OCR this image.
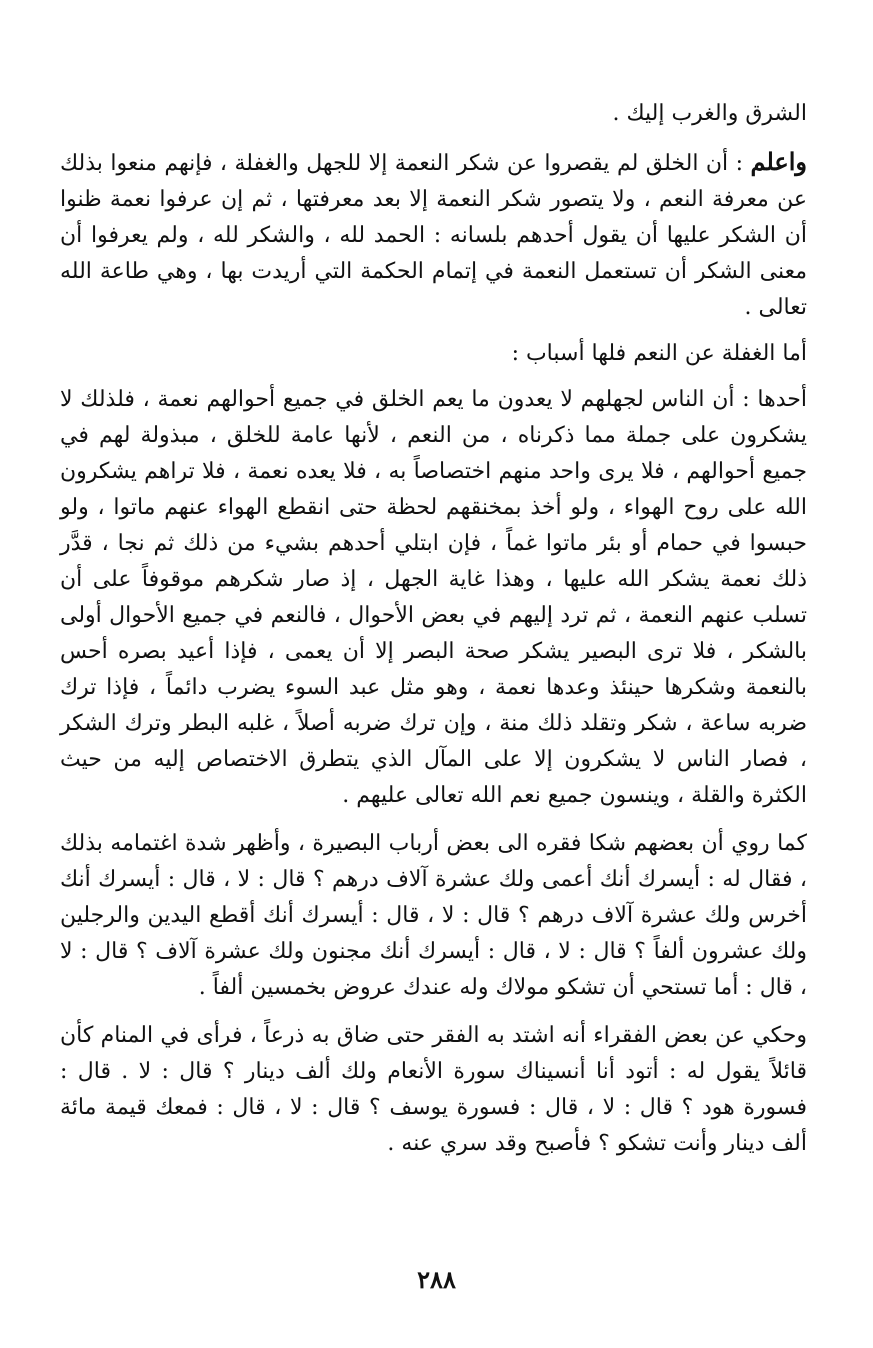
الشرق والغرب إليك .

واعلم : أن الخلق لم يقصروا عن شكر النعمة إلا للجهل والغفلة ، فإنهم منعوا بذلك عن معرفة النعم ، ولا يتصور شكر النعمة إلا بعد معرفتها ، ثم إن عرفوا نعمة ظنوا أن الشكر عليها أن يقول أحدهم بلسانه : الحمد لله ، والشكر لله ، ولم يعرفوا أن معنى الشكر أن تستعمل النعمة في إتمام الحكمة التي أريدت بها ، وهي طاعة الله تعالى .

أما الغفلة عن النعم فلها أسباب :

أحدها : أن الناس لجهلهم لا يعدون ما يعم الخلق في جميع أحوالهم نعمة ، فلذلك لا يشكرون على جملة مما ذكرناه ، من النعم ، لأنها عامة للخلق ، مبذولة لهم في جميع أحوالهم ، فلا يرى واحد منهم اختصاصاً به ، فلا يعده نعمة ، فلا تراهم يشكرون الله على روح الهواء ، ولو أخذ بمخنقهم لحظة حتى انقطع الهواء عنهم ماتوا ، ولو حبسوا في حمام أو بئر ماتوا غماً ، فإن ابتلي أحدهم بشيء من ذلك ثم نجا ، قدَّر ذلك نعمة يشكر الله عليها ، وهذا غاية الجهل ، إذ صار شكرهم موقوفاً على أن تسلب عنهم النعمة ، ثم ترد إليهم في بعض الأحوال ، فالنعم في جميع الأحوال أولى بالشكر ، فلا ترى البصير يشكر صحة البصر إلا أن يعمى ، فإذا أعيد بصره أحس بالنعمة وشكرها حينئذ وعدها نعمة ، وهو مثل عبد السوء يضرب دائماً ، فإذا ترك ضربه ساعة ، شكر وتقلد ذلك منة ، وإن ترك ضربه أصلاً ، غلبه البطر وترك الشكر ، فصار الناس لا يشكرون إلا على المآل الذي يتطرق الاختصاص إليه من حيث الكثرة والقلة ، وينسون جميع نعم الله تعالى عليهم .

كما روي أن بعضهم شكا فقره الى بعض أرباب البصيرة ، وأظهر شدة اغتمامه بذلك ، فقال له : أيسرك أنك أعمى ولك عشرة آلاف درهم ؟ قال : لا ، قال : أيسرك أنك أخرس ولك عشرة آلاف درهم ؟ قال : لا ، قال : أيسرك أنك أقطع اليدين والرجلين ولك عشرون ألفاً ؟ قال : لا ، قال : أيسرك أنك مجنون ولك عشرة آلاف ؟ قال : لا ، قال : أما تستحي أن تشكو مولاك وله عندك عروض بخمسين ألفاً .

وحكي عن بعض الفقراء أنه اشتد به الفقر حتى ضاق به ذرعاً ، فرأى في المنام كأن قائلاً يقول له : أتود أنا أنسيناك سورة الأنعام ولك ألف دينار ؟ قال : لا . قال : فسورة هود ؟ قال : لا ، قال : فسورة يوسف ؟ قال : لا ، قال : فمعك قيمة مائة ألف دينار وأنت تشكو ؟ فأصبح وقد سري عنه .

٢٨٨
